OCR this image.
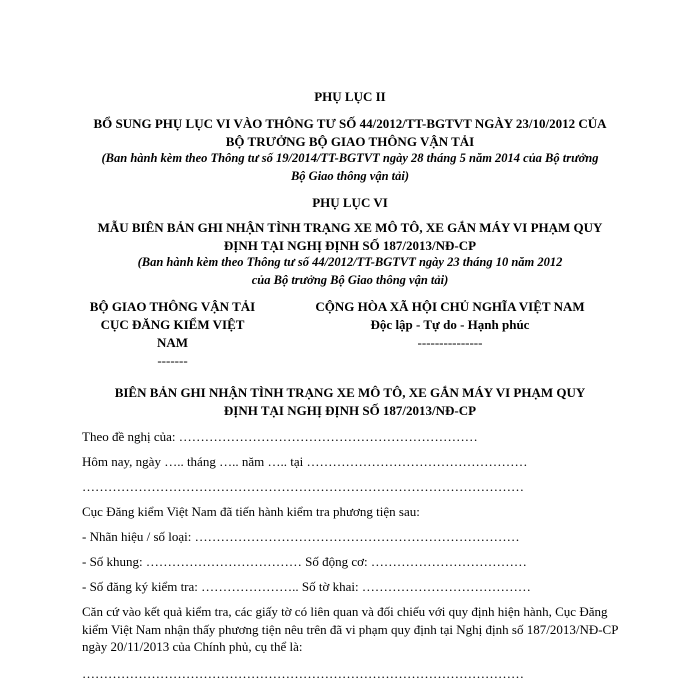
PHỤ LỤC II
BỔ SUNG PHỤ LỤC VI VÀO THÔNG TƯ SỐ 44/2012/TT-BGTVT NGÀY 23/10/2012 CỦA
BỘ TRƯỞNG BỘ GIAO THÔNG VẬN TẢI
(Ban hành kèm theo Thông tư số 19/2014/TT-BGTVT ngày 28 tháng 5 năm 2014 của Bộ trưởng
Bộ Giao thông vận tải)
PHỤ LỤC VI
MẪU BIÊN BẢN GHI NHẬN TÌNH TRẠNG XE MÔ TÔ, XE GẮN MÁY VI PHẠM QUY
ĐỊNH TẠI NGHỊ ĐỊNH SỐ 187/2013/NĐ-CP
(Ban hành kèm theo Thông tư số 44/2012/TT-BGTVT ngày 23 tháng 10 năm 2012
của Bộ trưởng Bộ Giao thông vận tải)
BỘ GIAO THÔNG VẬN TẢI
CỤC ĐĂNG KIỂM VIỆT
NAM
-------
CỘNG HÒA XÃ HỘI CHỦ NGHĨA VIỆT NAM
Độc lập - Tự do - Hạnh phúc
---------------
BIÊN BẢN GHI NHẬN TÌNH TRẠNG XE MÔ TÔ, XE GẮN MÁY VI PHẠM QUY
ĐỊNH TẠI NGHỊ ĐỊNH SỐ 187/2013/NĐ-CP
Theo đề nghị của: ……………………………………………………………
Hôm nay, ngày ….. tháng ….. năm ….. tại ……………………………………………
…………………………………………………………………………………………
Cục Đăng kiểm Việt Nam đã tiến hành kiểm tra phương tiện sau:
- Nhãn hiệu / số loại: …………………………………………………………………
- Số khung: ……………………………… Số động cơ: ………………………………
- Số đăng ký kiểm tra: ………………….. Số tờ khai: …………………………………
Căn cứ vào kết quả kiểm tra, các giấy tờ có liên quan và đối chiếu với quy định hiện hành, Cục Đăng kiểm Việt Nam nhận thấy phương tiện nêu trên đã vi phạm quy định tại Nghị định số 187/2013/NĐ-CP ngày 20/11/2013 của Chính phủ, cụ thể là:
…………………………………………………………………………………………
